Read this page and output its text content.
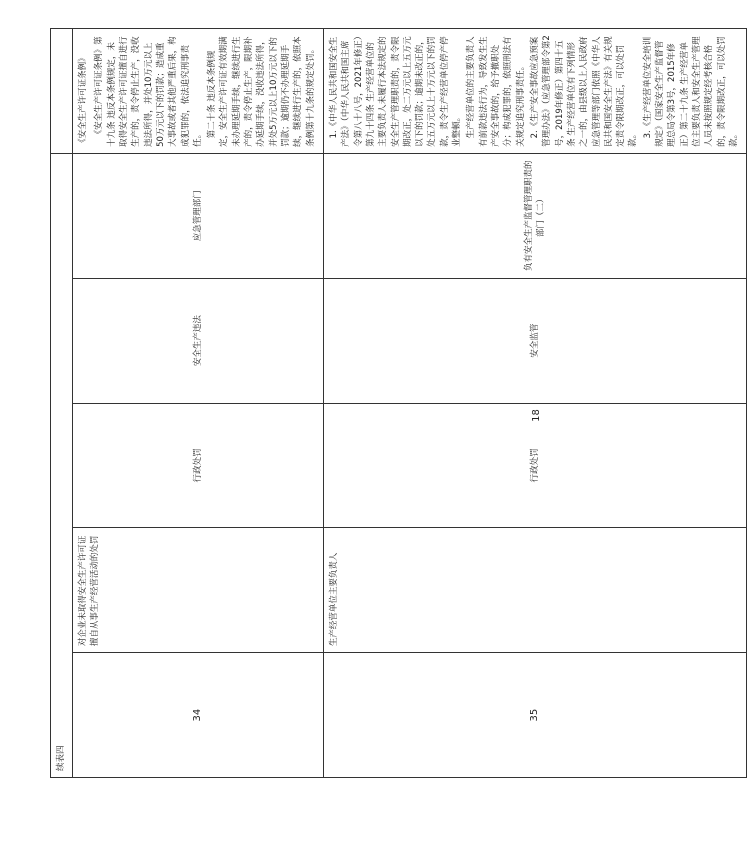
续表四					
34	对企业未取得安全生产许可证擅自从事生产经营活动的处罚	行政处罚	安全生产违法	应急管理部门	《安全生产许可证条例》 《安全生产许可证条例》第十九条 违反本条例规定，未取得安全生产许可证擅自进行生产的，责令停止生产，没收违法所得，并处10万元以上50万元以下的罚款；造成重大事故或者其他严重后果，构成犯罪的，依法追究刑事责任。 第二十条 违反本条例规定，安全生产许可证有效期满未办理延期手续，继续进行生产的，责令停止生产，限期补办延期手续，没收违法所得，并处5万元以上10万元以下的罚款；逾期仍不办理延期手续，继续进行生产的，依照本条例第十九条的规定处罚。

35	生产经营单位主要负责人	行政处罚	安全监管	负有安全生产监督管理职责的部门（二）	1.《中华人民共和国安全生产法》（中华人民共和国主席令第八十八号，2021年修正）第九十四条 生产经营单位的主要负责人未履行本法规定的安全生产管理职责的，责令限期改正，处二万元以上五万元以下的罚款；逾期未改正的，处五万元以上十万元以下的罚款，责令生产经营单位停产停业整顿。 生产经营单位的主要负责人有前款违法行为，导致发生生产安全事故的，给予撤职处分；构成犯罪的，依照刑法有关规定追究刑事责任。 2.《生产安全事故应急预案管理办法》（应急管理部令第2号，2019年修正）第四十五条 生产经营单位有下列情形之一的，由县级以上人民政府应急管理等部门依照《中华人民共和国安全生产法》有关规定责令限期改正，可以处罚款。 3.《生产经营单位安全培训规定》（国家安全生产监督管理总局令第3号，2015年修正）第二十九条 生产经营单位主要负责人和安全生产管理人员未按照规定经考核合格的，责令限期改正，可以处罚款。

18
